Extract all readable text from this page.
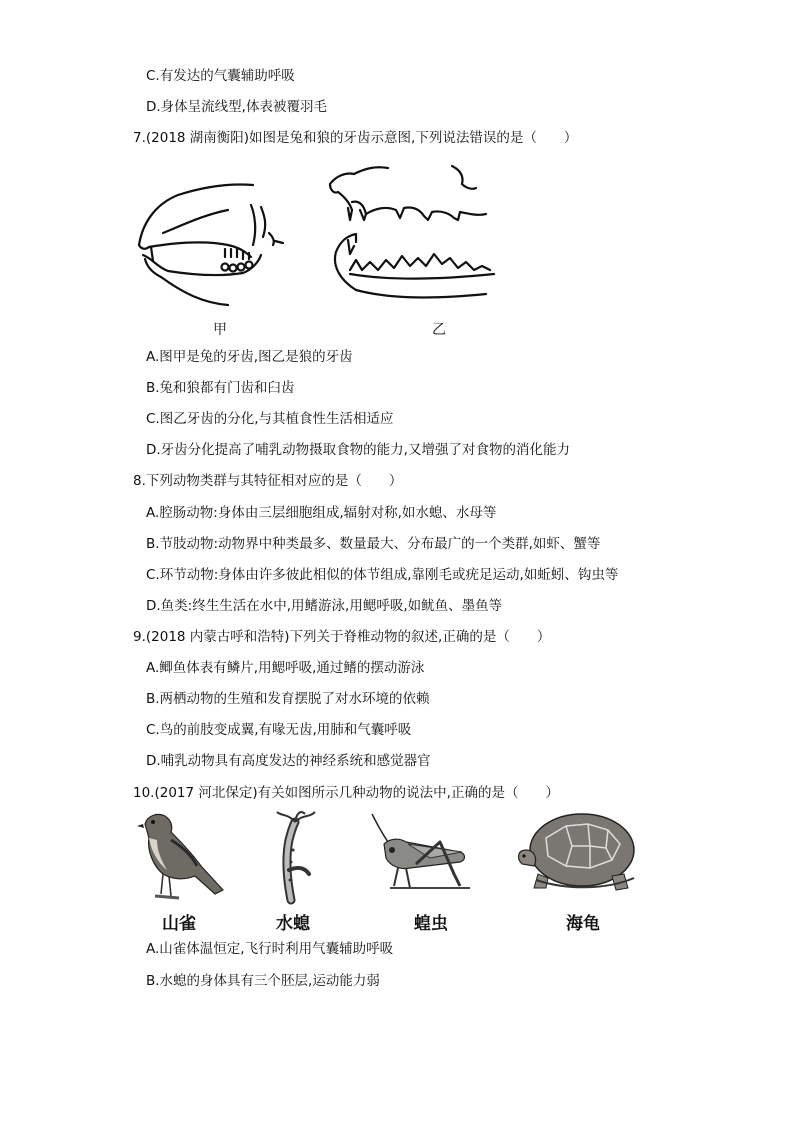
C.有发达的气囊辅助呼吸
D.身体呈流线型,体表被覆羽毛
7.(2018 湖南衡阳)如图是兔和狼的牙齿示意图,下列说法错误的是（　　）
甲	乙
A.图甲是兔的牙齿,图乙是狼的牙齿
B.兔和狼都有门齿和臼齿
C.图乙牙齿的分化,与其植食性生活相适应
D.牙齿分化提高了哺乳动物摄取食物的能力,又增强了对食物的消化能力
8.下列动物类群与其特征相对应的是（　　）
A.腔肠动物:身体由三层细胞组成,辐射对称,如水螅、水母等
B.节肢动物:动物界中种类最多、数量最大、分布最广的一个类群,如虾、蟹等
C.环节动物:身体由许多彼此相似的体节组成,靠刚毛或疣足运动,如蚯蚓、钩虫等
D.鱼类:终生生活在水中,用鳍游泳,用鳃呼吸,如鱿鱼、墨鱼等
9.(2018 内蒙古呼和浩特)下列关于脊椎动物的叙述,正确的是（　　）
A.鲫鱼体表有鳞片,用鳃呼吸,通过鳍的摆动游泳
B.两栖动物的生殖和发育摆脱了对水环境的依赖
C.鸟的前肢变成翼,有喙无齿,用肺和气囊呼吸
D.哺乳动物具有高度发达的神经系统和感觉器官
10.(2017 河北保定)有关如图所示几种动物的说法中,正确的是（　　）
山雀	水螅	蝗虫	海龟
A.山雀体温恒定,飞行时利用气囊辅助呼吸
B.水螅的身体具有三个胚层,运动能力弱
